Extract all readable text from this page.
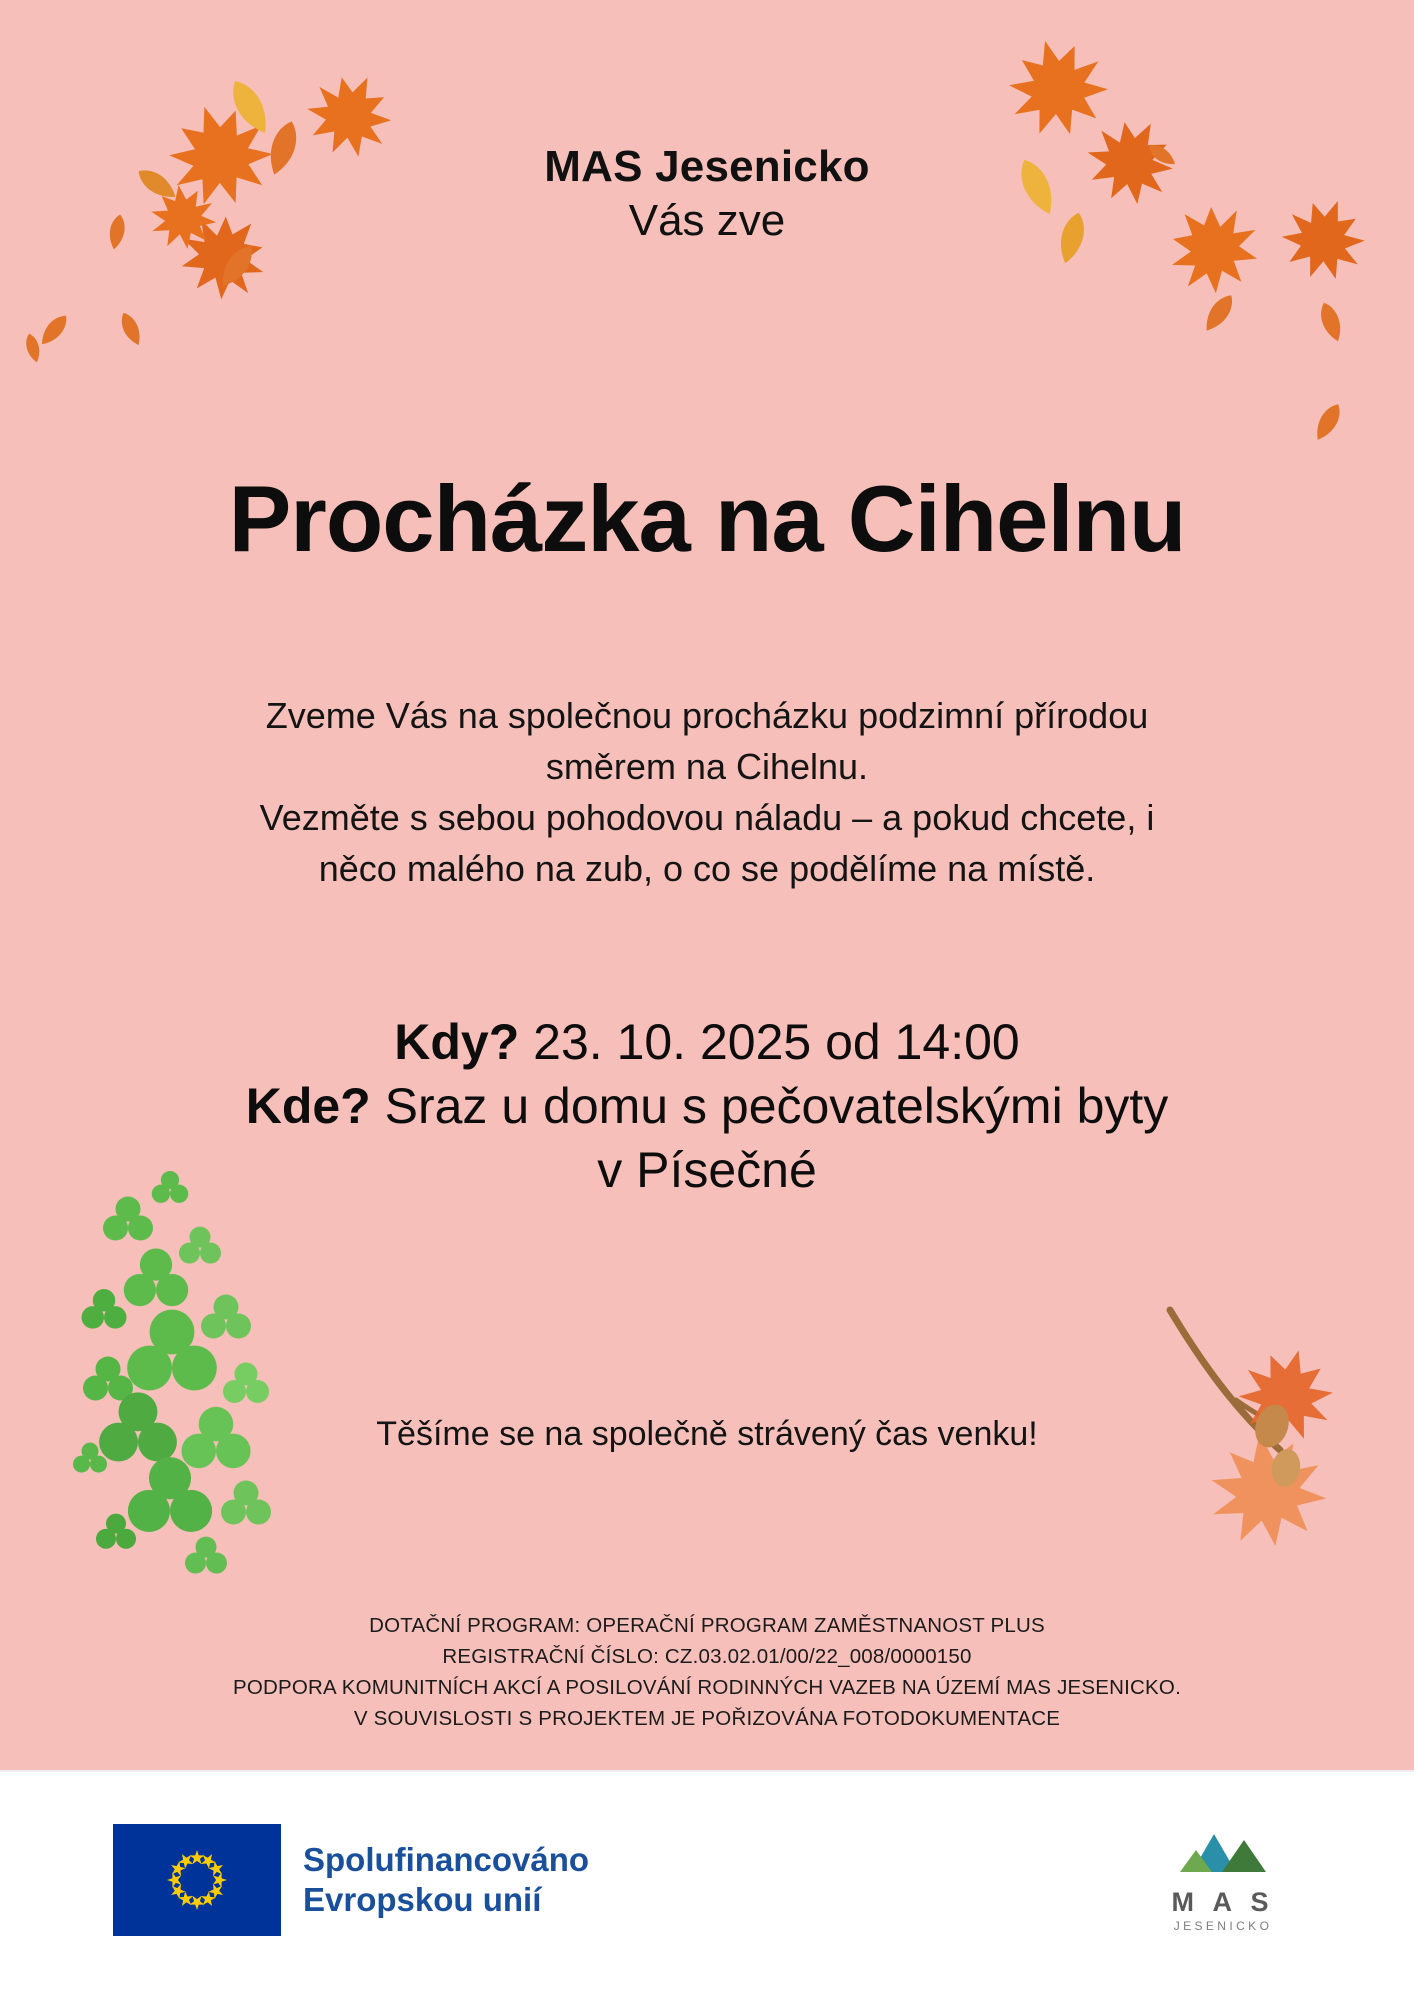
MAS Jesenicko
Vás zve
Procházka na Cihelnu
Zveme Vás na společnou procházku podzimní přírodou
směrem na Cihelnu.
Vezměte s sebou pohodovou náladu – a pokud chcete, i
něco malého na zub, o co se podělíme na místě.
Kdy? 23. 10. 2025 od 14:00
Kde? Sraz u domu s pečovatelskými byty
v Písečné
Těšíme se na společně strávený čas venku!
DOTAČNÍ PROGRAM: OPERAČNÍ PROGRAM ZAMĚSTNANOST PLUS
REGISTRAČNÍ ČÍSLO: CZ.03.02.01/00/22_008/0000150
PODPORA KOMUNITNÍCH AKCÍ A POSILOVÁNÍ RODINNÝCH VAZEB NA ÚZEMÍ MAS JESENICKO.
V SOUVISLOSTI S PROJEKTEM JE POŘIZOVÁNA FOTODOKUMENTACE
Spolufinancováno
Evropskou unií	M A S
JESENICKO
